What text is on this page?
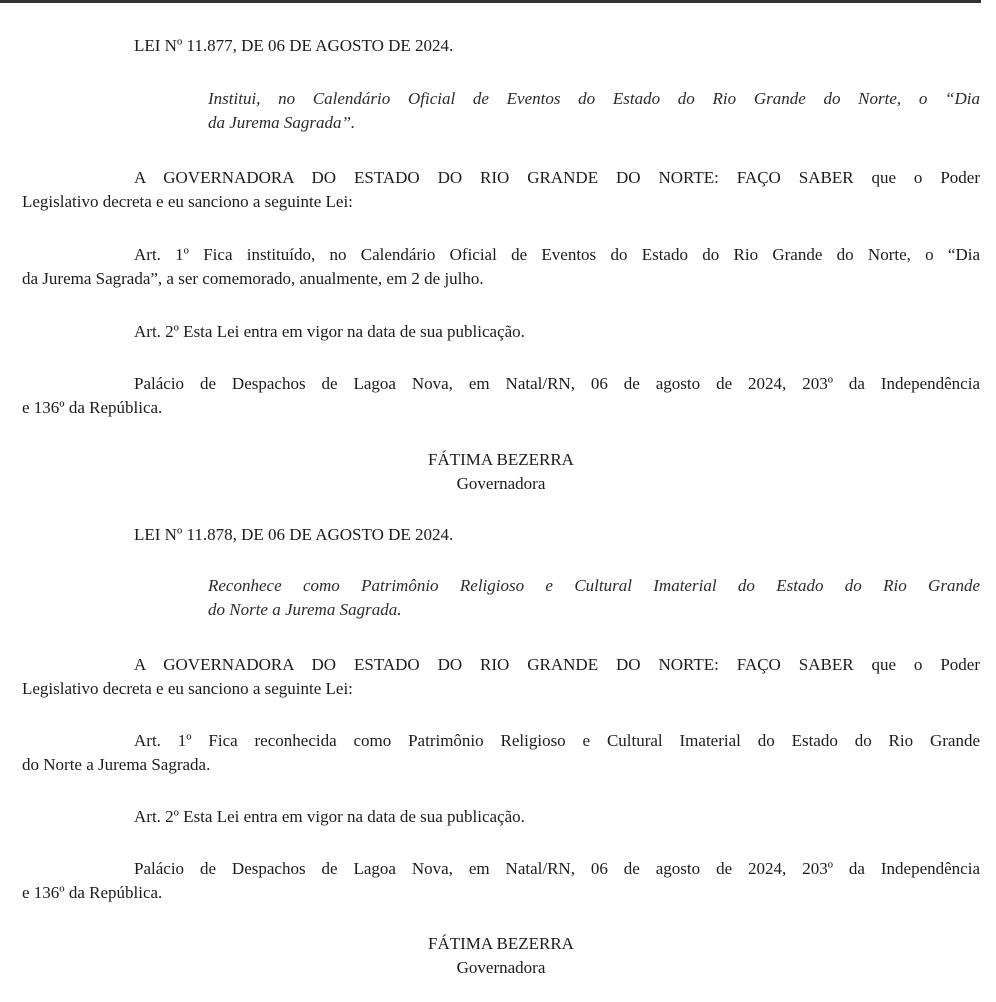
LEI Nº 11.877, DE 06 DE AGOSTO DE 2024.
Institui, no Calendário Oficial de Eventos do Estado do Rio Grande do Norte, o “Dia
da Jurema Sagrada”.
A GOVERNADORA DO ESTADO DO RIO GRANDE DO NORTE: FAÇO SABER que o Poder
Legislativo decreta e eu sanciono a seguinte Lei:
Art. 1º Fica instituído, no Calendário Oficial de Eventos do Estado do Rio Grande do Norte, o “Dia
da Jurema Sagrada”, a ser comemorado, anualmente, em 2 de julho.
Art. 2º Esta Lei entra em vigor na data de sua publicação.
Palácio de Despachos de Lagoa Nova, em Natal/RN, 06 de agosto de 2024, 203º da Independência
e 136º da República.
FÁTIMA BEZERRA
Governadora
LEI Nº 11.878, DE 06 DE AGOSTO DE 2024.
Reconhece como Patrimônio Religioso e Cultural Imaterial do Estado do Rio Grande
do Norte a Jurema Sagrada.
A GOVERNADORA DO ESTADO DO RIO GRANDE DO NORTE: FAÇO SABER que o Poder
Legislativo decreta e eu sanciono a seguinte Lei:
Art. 1º Fica reconhecida como Patrimônio Religioso e Cultural Imaterial do Estado do Rio Grande
do Norte a Jurema Sagrada.
Art. 2º Esta Lei entra em vigor na data de sua publicação.
Palácio de Despachos de Lagoa Nova, em Natal/RN, 06 de agosto de 2024, 203º da Independência
e 136º da República.
FÁTIMA BEZERRA
Governadora
